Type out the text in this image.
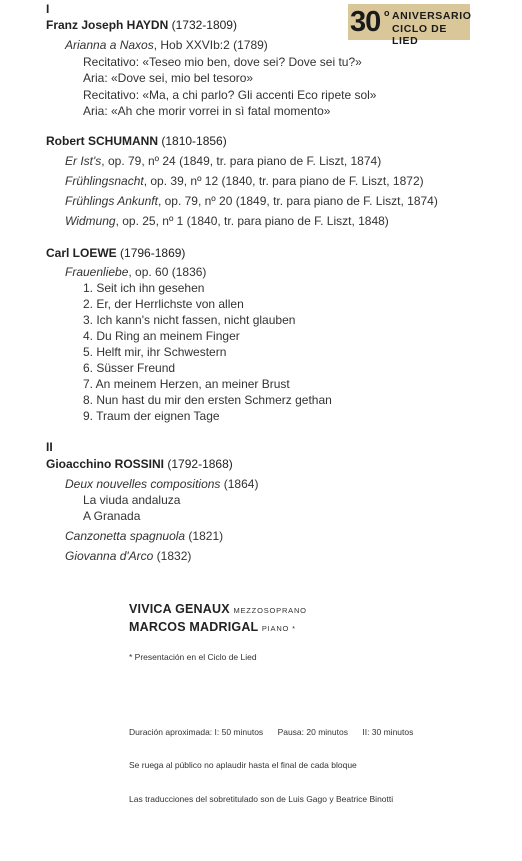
30 o ANIVERSARIO
CICLO DE LIED
I
Franz Joseph HAYDN (1732-1809)
Arianna a Naxos, Hob XXVIb:2 (1789)
Recitativo: «Teseo mio ben, dove sei? Dove sei tu?»
Aria: «Dove sei, mio bel tesoro»
Recitativo: «Ma, a chi parlo? Gli accenti Eco ripete sol»
Aria: «Ah che morir vorrei in sì fatal momento»
Robert SCHUMANN (1810-1856)
Er Ist's, op. 79, nº 24 (1849, tr. para piano de F. Liszt, 1874)
Frühlingsnacht, op. 39, nº 12 (1840, tr. para piano de F. Liszt, 1872)
Frühlings Ankunft, op. 79, nº 20 (1849, tr. para piano de F. Liszt, 1874)
Widmung, op. 25, nº 1 (1840, tr. para piano de F. Liszt, 1848)
Carl LOEWE (1796-1869)
Frauenliebe, op. 60 (1836)
1. Seit ich ihn gesehen
2. Er, der Herrlichste von allen
3. Ich kann's nicht fassen, nicht glauben
4. Du Ring an meinem Finger
5. Helft mir, ihr Schwestern
6. Süsser Freund
7. An meinem Herzen, an meiner Brust
8. Nun hast du mir den ersten Schmerz gethan
9. Traum der eignen Tage
II
Gioacchino ROSSINI (1792-1868)
Deux nouvelles compositions (1864)
La viuda andaluza
A Granada
Canzonetta spagnuola (1821)
Giovanna d'Arco (1832)
VIVICA GENAUX MEZZOSOPRANO
MARCOS MADRIGAL PIANO *
* Presentación en el Ciclo de Lied
Duración aproximada: I: 50 minutos Pausa: 20 minutos II: 30 minutos
Se ruega al público no aplaudir hasta el final de cada bloque
Las traducciones del sobretitulado son de Luis Gago y Beatrice Binotti
